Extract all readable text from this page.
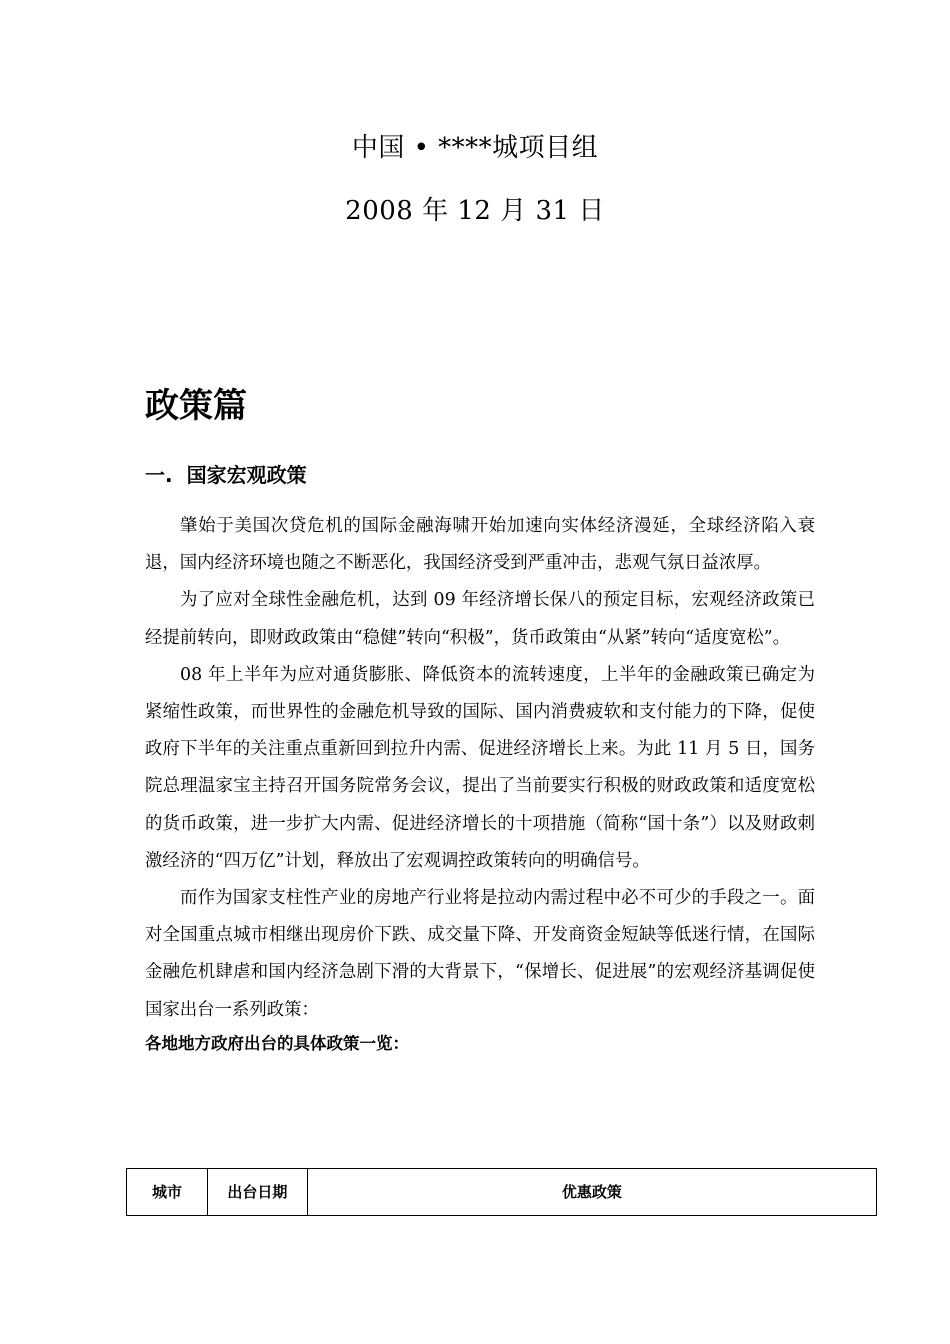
中国 • ****城项目组
2008 年 12 月 31 日
政策篇
一. 国家宏观政策

肇始于美国次贷危机的国际金融海啸开始加速向实体经济漫延，全球经济陷入衰退，国内经济环境也随之不断恶化，我国经济受到严重冲击，悲观气氛日益浓厚。

为了应对全球性金融危机，达到 09 年经济增长保八的预定目标，宏观经济政策已经提前转向，即财政政策由“稳健”转向“积极”，货币政策由“从紧”转向“适度宽松”。

08 年上半年为应对通货膨胀、降低资本的流转速度，上半年的金融政策已确定为紧缩性政策，而世界性的金融危机导致的国际、国内消费疲软和支付能力的下降，促使政府下半年的关注重点重新回到拉升内需、促进经济增长上来。为此 11 月 5 日，国务院总理温家宝主持召开国务院常务会议，提出了当前要实行积极的财政政策和适度宽松的货币政策，进一步扩大内需、促进经济增长的十项措施（简称“国十条”）以及财政刺激经济的“四万亿”计划，释放出了宏观调控政策转向的明确信号。

而作为国家支柱性产业的房地产行业将是拉动内需过程中必不可少的手段之一。面对全国重点城市相继出现房价下跌、成交量下降、开发商资金短缺等低迷行情，在国际金融危机肆虐和国内经济急剧下滑的大背景下，“保增长、促进展”的宏观经济基调促使国家出台一系列政策：

各地地方政府出台的具体政策一览：

城市	出台日期	优惠政策
